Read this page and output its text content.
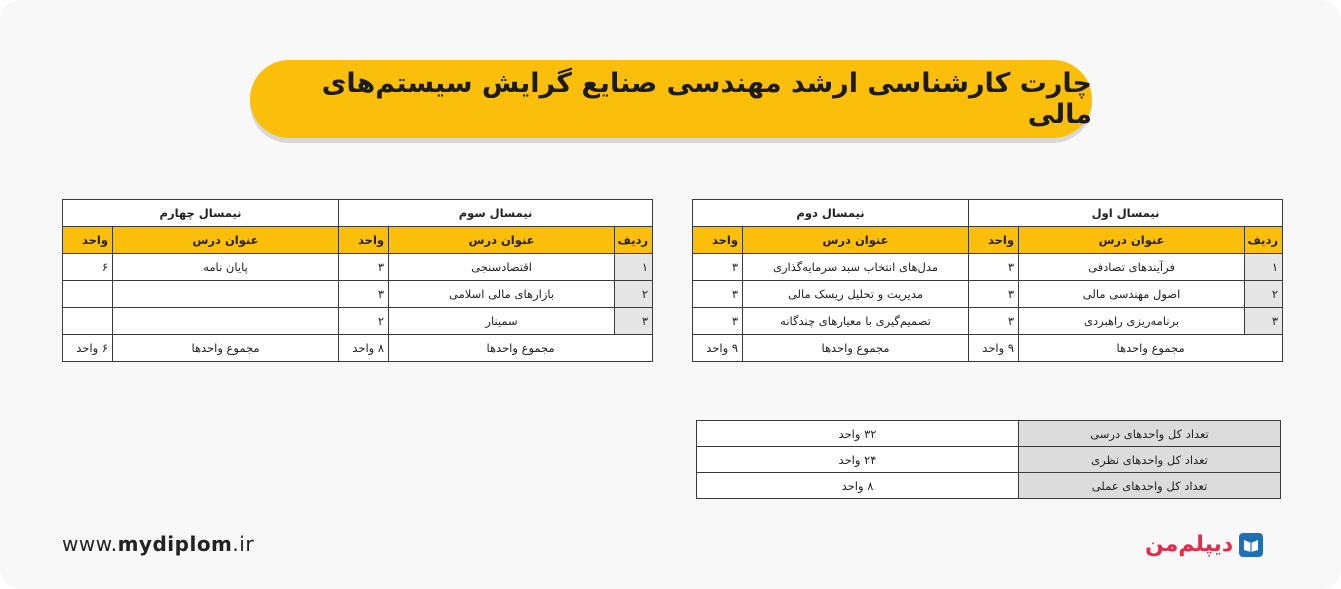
چارت کارشناسی ارشد مهندسی صنایع گرایش سیستم‌های مالی
نیمسال اول			نیمسال دوم	
ردیف	عنوان درس	واحد	عنوان درس	واحد
۱	فرآیندهای تصادفی	۳	مدل‌های انتخاب سبد سرمایه‌گذاری	۳
۲	اصول مهندسی مالی	۳	مدیریت و تحلیل ریسک مالی	۳
۳	برنامه‌ریزی راهبردی	۳	تصمیم‌گیری با معیارهای چندگانه	۳
مجموع واحدها		۹ واحد	مجموع واحدها	۹ واحد
نیمسال سوم			نیمسال چهارم	
ردیف	عنوان درس	واحد	عنوان درس	واحد
۱	اقتصادسنجی	۳	پایان نامه	۶
۲	بازارهای مالی اسلامی	۳		
۳	سمینار	۲		
مجموع واحدها		۸ واحد	مجموع واحدها	۶ واحد
تعداد کل واحدهای درسی	۳۲ واحد
تعداد کل واحدهای نظری	۲۴ واحد
تعداد کل واحدهای عملی	۸ واحد
www.mydiplom.ir	دیپلم‌من
